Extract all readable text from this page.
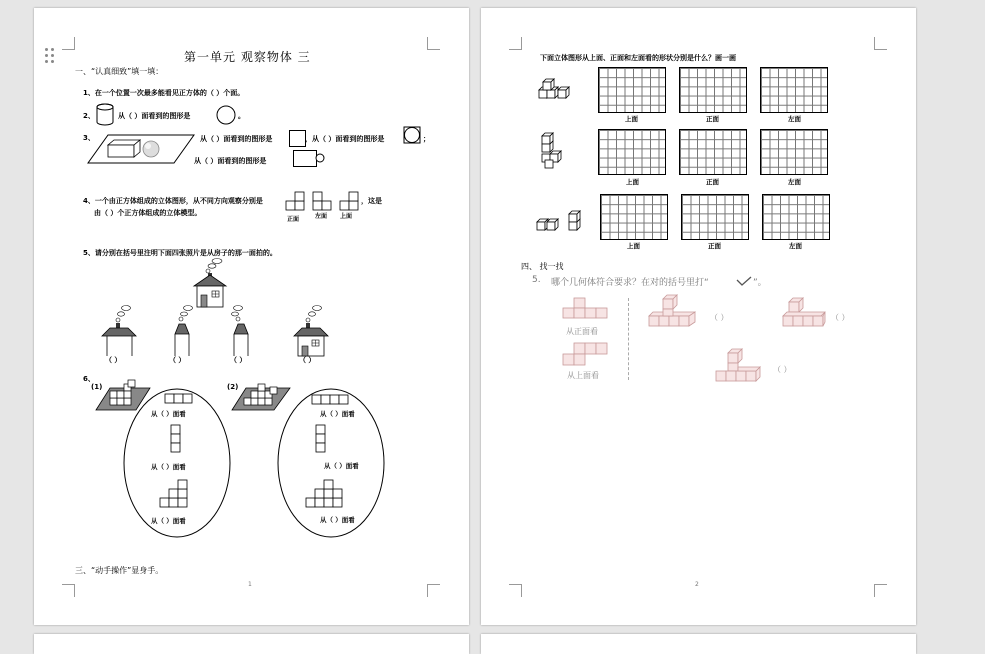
第一单元 观察物体 三
一、“认真细致”填一填：
1、在一个位置一次最多能看见正方体的（ ）个面。
2、	从（ ）面看到的图形是	。
3、	从（ ）面看到的图形是	，从（ ）面看到的图形是	；
从（ ）面看到的图形是
4、一个由正方体组成的立体图形，从不同方向观察分别是	，这是
正面	左面 上面
由（ ）个正方体组成的立体模型。
5、请分别在括号里注明下面四张照片是从房子的那一面拍的。
（ ）	（ ）	（ ）	（ ）
6、
(1)	(2)
从（ ）面看
从（ ）面看
从（ ）面看
从（ ）面看
从（ ）面看
从（ ）面看
三、“动手操作”显身手。
1
下面立体图形从上面、正面和左面看的形状分别是什么？画一画
上面	正面	左面
上面	正面	左面
上面	正面	左面
四、 找一找
5. 哪个几何体符合要求？在对的括号里打“	”。
从正面看
从上面看
（ ）	（ ）
（ ）
2
